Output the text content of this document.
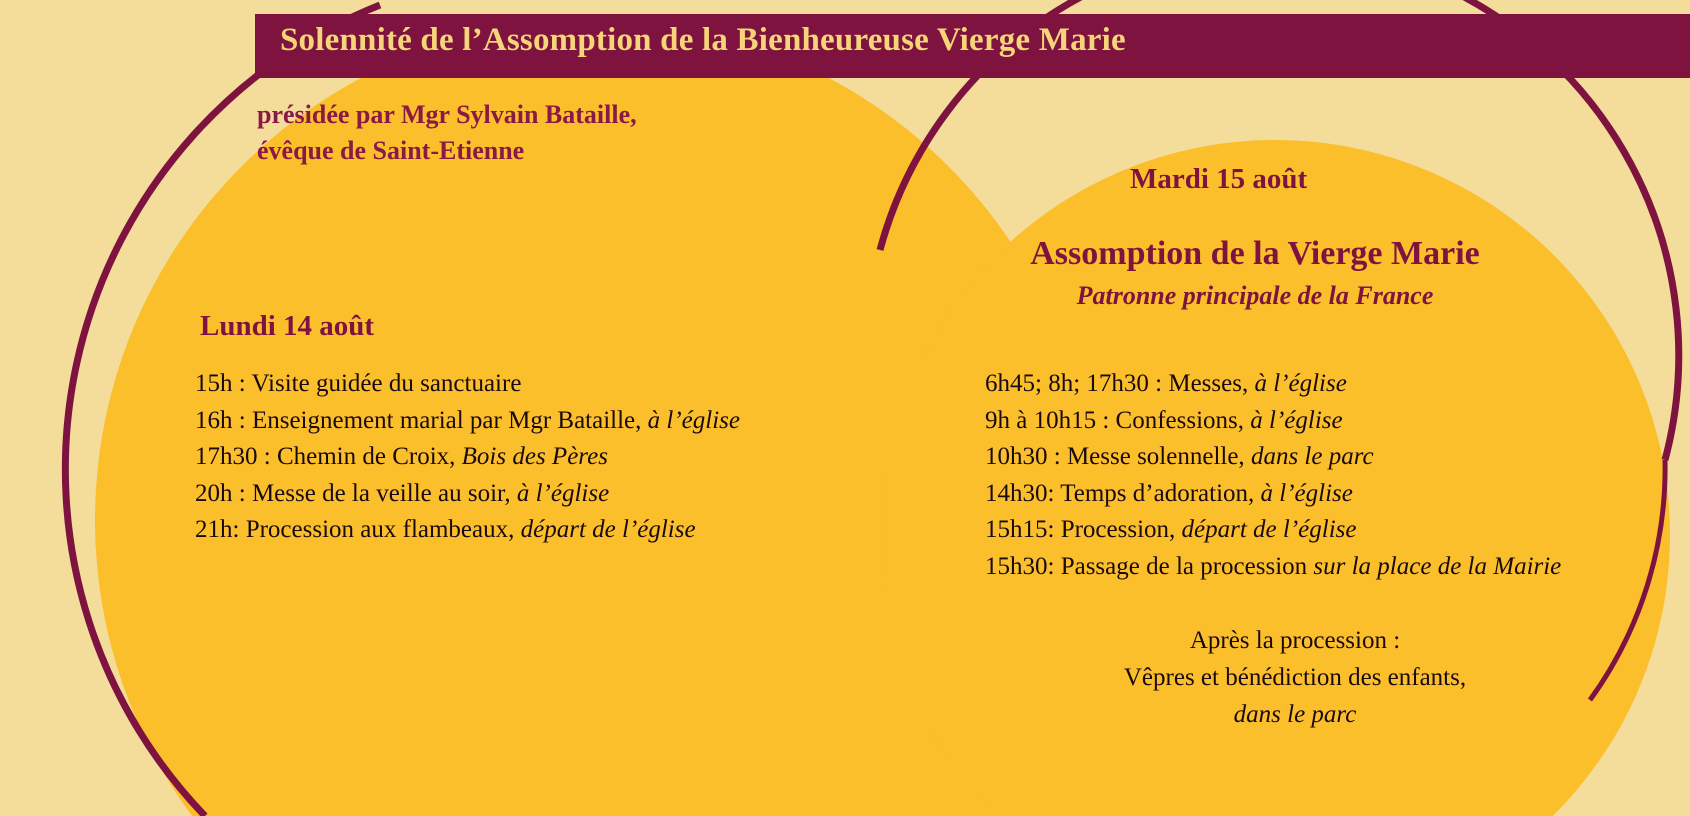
Solennité de l’Assomption de la Bienheureuse Vierge Marie
présidée par Mgr Sylvain Bataille,
évêque de Saint-Etienne
Lundi 14 août
15h : Visite guidée du sanctuaire
16h : Enseignement marial par Mgr Bataille, à l’église
17h30 : Chemin de Croix, Bois des Pères
20h : Messe de la veille au soir, à l’église
21h: Procession aux flambeaux, départ de l’église
Mardi 15 août
Assomption de la Vierge Marie
Patronne principale de la France
6h45; 8h; 17h30 : Messes, à l’église
9h à 10h15 : Confessions, à l’église
10h30 : Messe solennelle, dans le parc
14h30: Temps d’adoration, à l’église
15h15: Procession, départ de l’église
15h30: Passage de la procession sur la place de la Mairie
Après la procession :
Vêpres et bénédiction des enfants,
dans le parc
